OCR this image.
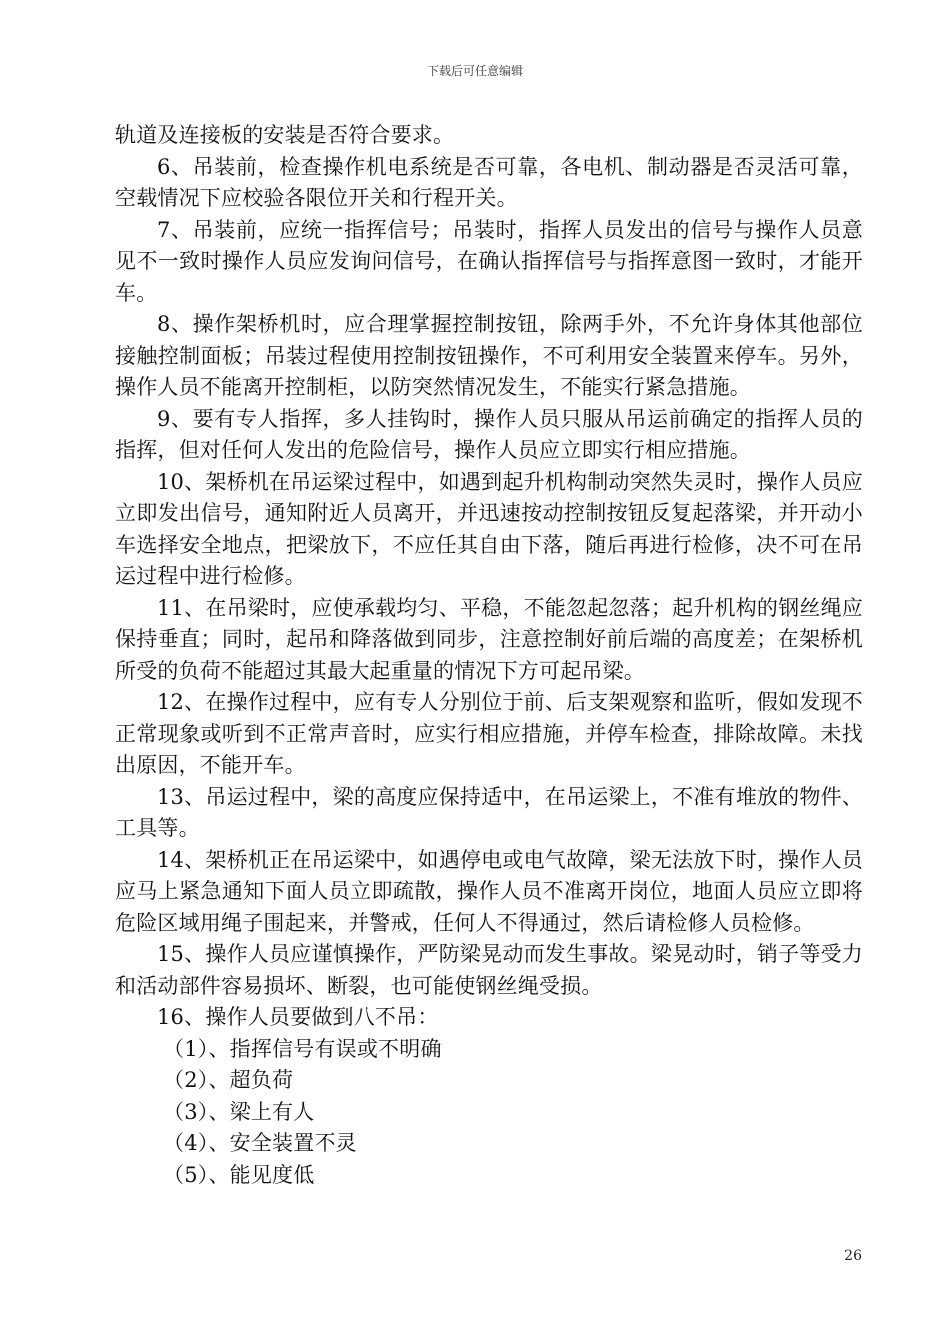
下载后可任意编辑

轨道及连接板的安装是否符合要求。

6、吊装前，检查操作机电系统是否可靠，各电机、制动器是否灵活可靠，空载情况下应校验各限位开关和行程开关。

7、吊装前，应统一指挥信号；吊装时，指挥人员发出的信号与操作人员意见不一致时操作人员应发询问信号，在确认指挥信号与指挥意图一致时，才能开车。

8、操作架桥机时，应合理掌握控制按钮，除两手外，不允许身体其他部位接触控制面板；吊装过程使用控制按钮操作，不可利用安全装置来停车。另外，操作人员不能离开控制柜，以防突然情况发生，不能实行紧急措施。

9、要有专人指挥，多人挂钩时，操作人员只服从吊运前确定的指挥人员的指挥，但对任何人发出的危险信号，操作人员应立即实行相应措施。

10、架桥机在吊运梁过程中，如遇到起升机构制动突然失灵时，操作人员应立即发出信号，通知附近人员离开，并迅速按动控制按钮反复起落梁，并开动小车选择安全地点，把梁放下，不应任其自由下落，随后再进行检修，决不可在吊运过程中进行检修。

11、在吊梁时，应使承载均匀、平稳，不能忽起忽落；起升机构的钢丝绳应保持垂直；同时，起吊和降落做到同步，注意控制好前后端的高度差；在架桥机所受的负荷不能超过其最大起重量的情况下方可起吊梁。

12、在操作过程中，应有专人分别位于前、后支架观察和监听，假如发现不正常现象或听到不正常声音时，应实行相应措施，并停车检查，排除故障。未找出原因，不能开车。

13、吊运过程中，梁的高度应保持适中，在吊运梁上，不准有堆放的物件、工具等。

14、架桥机正在吊运梁中，如遇停电或电气故障，梁无法放下时，操作人员应马上紧急通知下面人员立即疏散，操作人员不准离开岗位，地面人员应立即将危险区域用绳子围起来，并警戒，任何人不得通过，然后请检修人员检修。

15、操作人员应谨慎操作，严防梁晃动而发生事故。梁晃动时，销子等受力和活动部件容易损坏、断裂，也可能使钢丝绳受损。

16、操作人员要做到八不吊：

（1）、指挥信号有误或不明确

（2）、超负荷

（3）、梁上有人

（4）、安全装置不灵

（5）、能见度低

26
